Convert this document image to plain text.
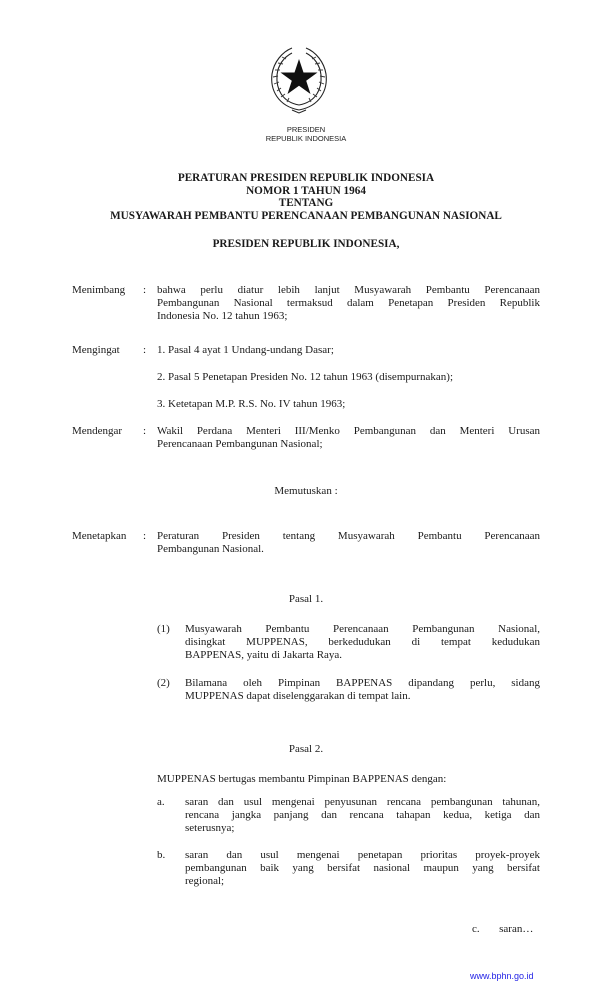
PRESIDEN
REPUBLIK INDONESIA
PERATURAN PRESIDEN REPUBLIK INDONESIA
NOMOR 1 TAHUN 1964
TENTANG
MUSYAWARAH PEMBANTU PERENCANAAN PEMBANGUNAN NASIONAL
PRESIDEN REPUBLIK INDONESIA,
Menimbang : bahwa perlu diatur lebih lanjut Musyawarah Pembantu Perencanaan
Pembangunan Nasional termaksud dalam Penetapan Presiden Republik
Indonesia No. 12 tahun 1963;
Mengingat : 1. Pasal 4 ayat 1 Undang-undang Dasar;
2. Pasal 5 Penetapan Presiden No. 12 tahun 1963 (disempurnakan);
3. Ketetapan M.P. R.S. No. IV tahun 1963;
Mendengar : Wakil Perdana Menteri III/Menko Pembangunan dan Menteri Urusan
Perencanaan Pembangunan Nasional;
Memutuskan :
Menetapkan : Peraturan Presiden tentang Musyawarah Pembantu Perencanaan
Pembangunan Nasional.
Pasal 1.
(1) Musyawarah Pembantu Perencanaan Pembangunan Nasional,
disingkat MUPPENAS, berkedudukan di tempat kedudukan
BAPPENAS, yaitu di Jakarta Raya.
(2) Bilamana oleh Pimpinan BAPPENAS dipandang perlu, sidang
MUPPENAS dapat diselenggarakan di tempat lain.
Pasal 2.
MUPPENAS bertugas membantu Pimpinan BAPPENAS dengan:
a. saran dan usul mengenai penyusunan rencana pembangunan tahunan,
rencana jangka panjang dan rencana tahapan kedua, ketiga dan
seterusnya;
b. saran dan usul mengenai penetapan prioritas proyek-proyek
pembangunan baik yang bersifat nasional maupun yang bersifat
regional;
c. saran…
www.bphn.go.id
